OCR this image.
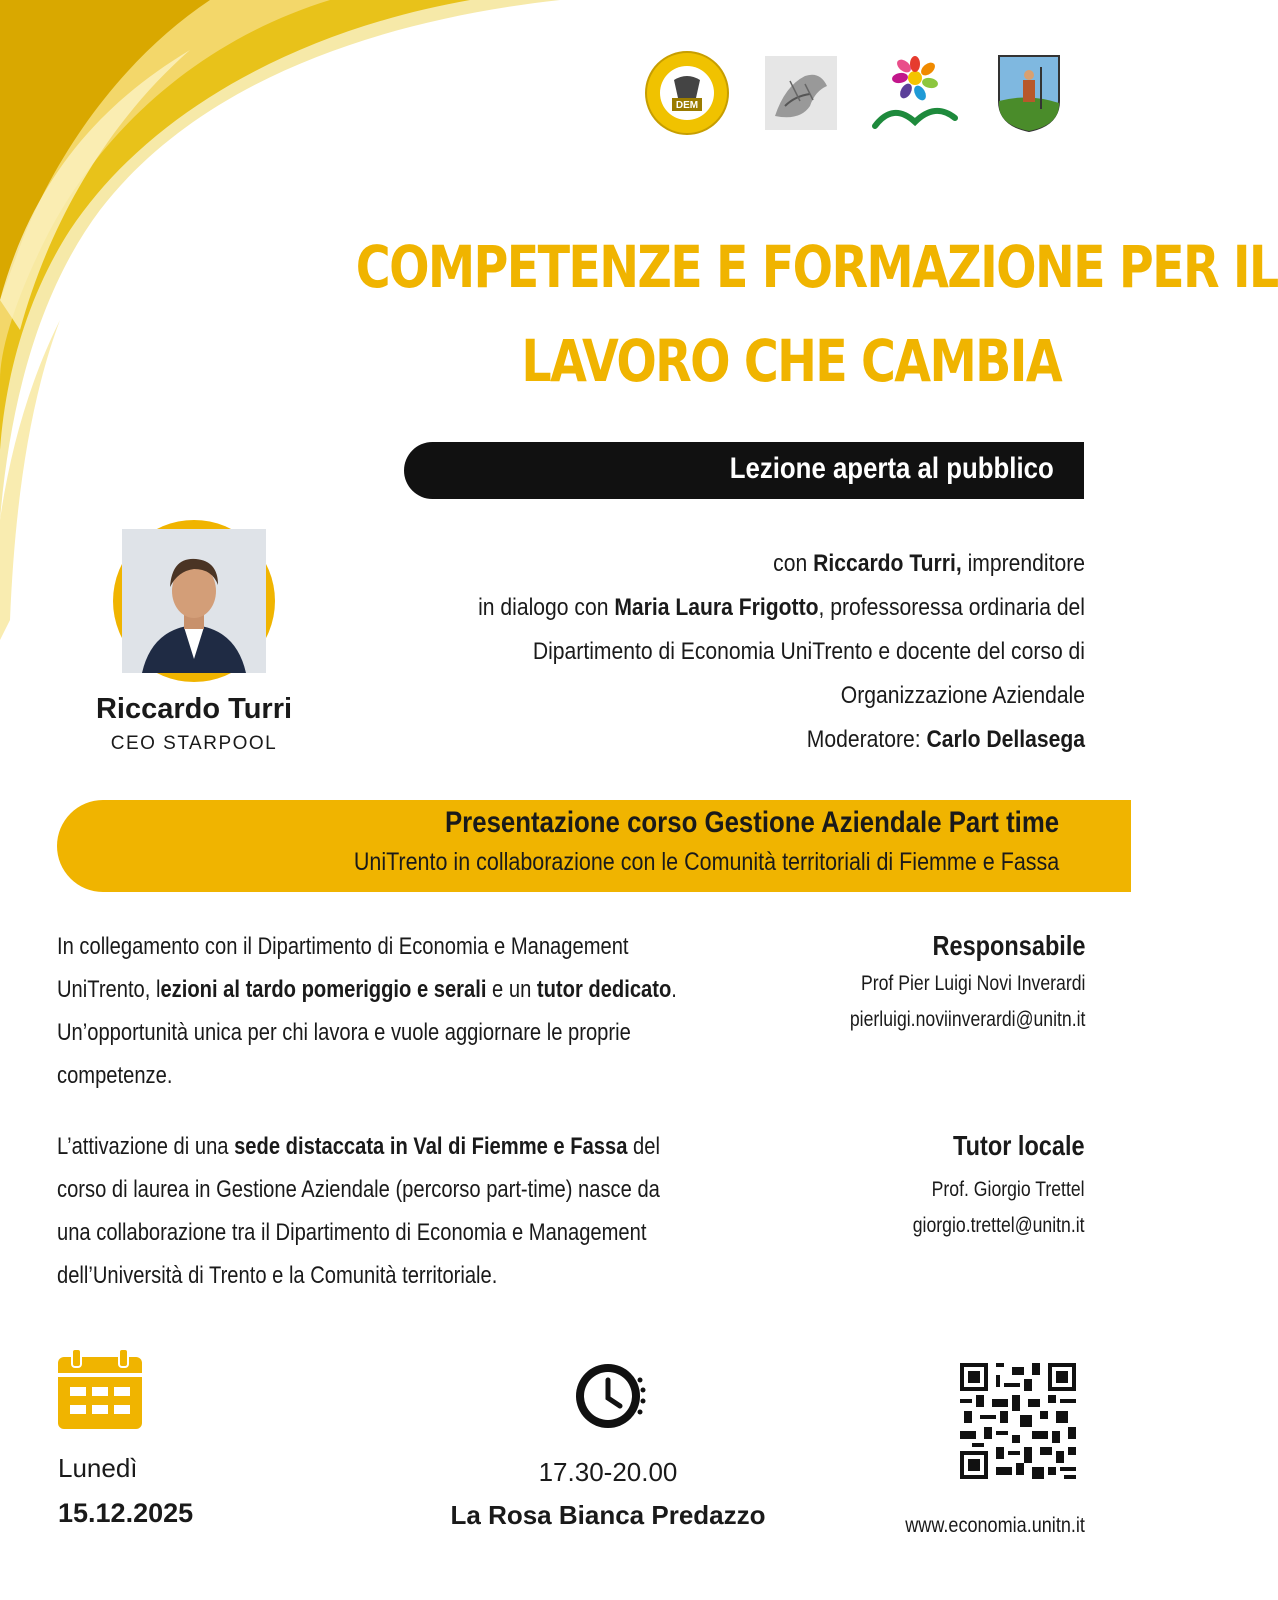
DEM
COMPETENZE E FORMAZIONE PER IL
LAVORO CHE CAMBIA
Lezione aperta al pubblico
Riccardo Turri
CEO STARPOOL
con Riccardo Turri, imprenditore
in dialogo con Maria Laura Frigotto, professoressa ordinaria del
Dipartimento di Economia UniTrento e docente del corso di
Organizzazione Aziendale
Moderatore: Carlo Dellasega
Presentazione corso Gestione Aziendale Part time
UniTrento in collaborazione con le Comunità territoriali di Fiemme e Fassa
In collegamento con il Dipartimento di Economia e Management
UniTrento, lezioni al tardo pomeriggio e serali e un tutor dedicato.
Un’opportunità unica per chi lavora e vuole aggiornare le proprie
competenze.
L’attivazione di una sede distaccata in Val di Fiemme e Fassa del
corso di laurea in Gestione Aziendale (percorso part-time) nasce da
una collaborazione tra il Dipartimento di Economia e Management
dell’Università di Trento e la Comunità territoriale.
Responsabile
Prof Pier Luigi Novi Inverardi
pierluigi.noviinverardi@unitn.it
Tutor locale
Prof. Giorgio Trettel
giorgio.trettel@unitn.it
Lunedì
15.12.2025
17.30-20.00
La Rosa Bianca Predazzo	www.economia.unitn.it
